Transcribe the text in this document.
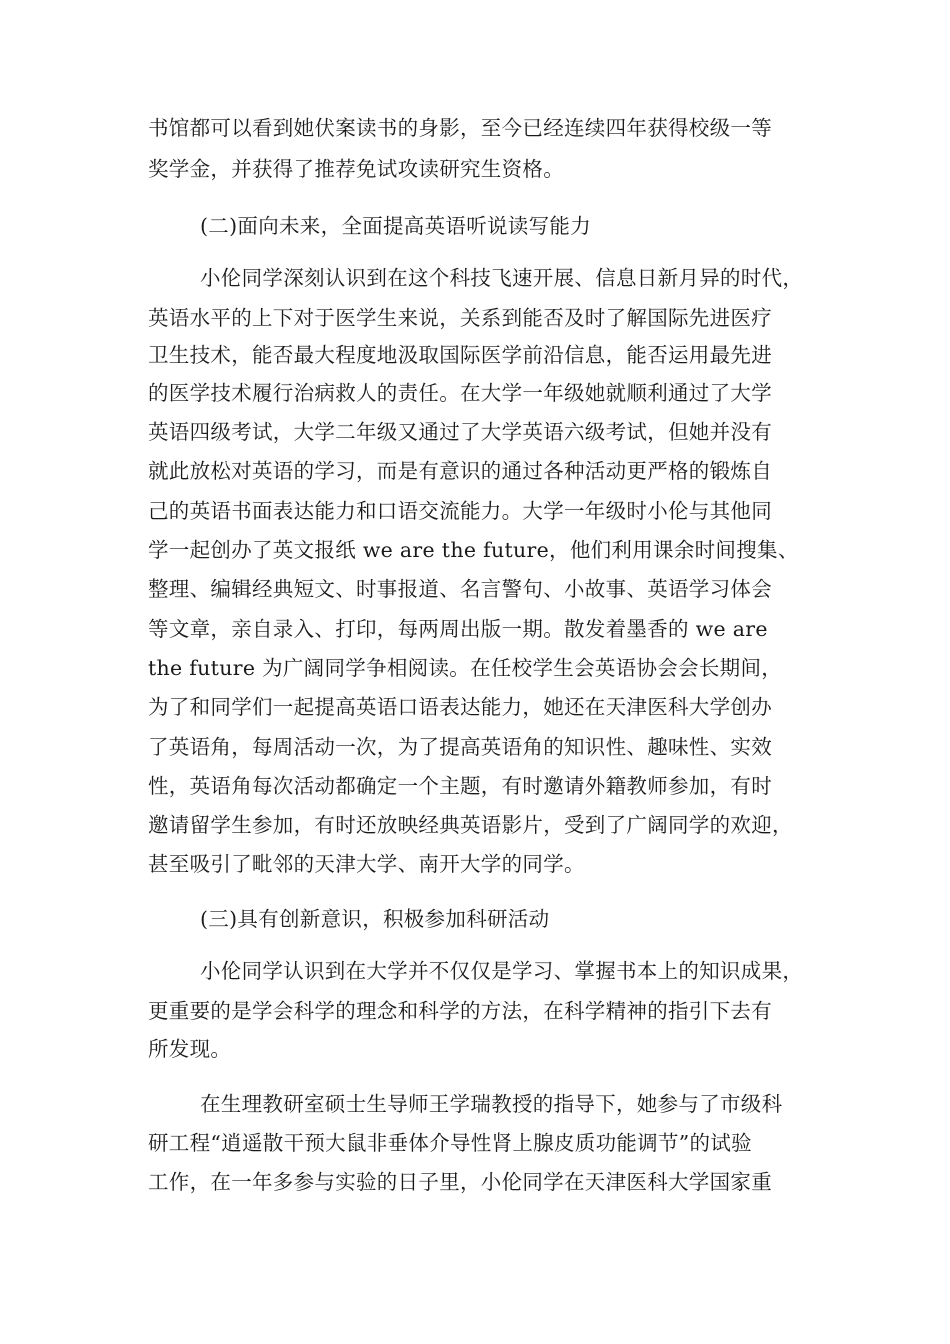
书馆都可以看到她伏案读书的身影，至今已经连续四年获得校级一等
奖学金，并获得了推荐免试攻读研究生资格。
(二)面向未来，全面提高英语听说读写能力
小伦同学深刻认识到在这个科技飞速开展、信息日新月异的时代，
英语水平的上下对于医学生来说，关系到能否及时了解国际先进医疗
卫生技术，能否最大程度地汲取国际医学前沿信息，能否运用最先进
的医学技术履行治病救人的责任。在大学一年级她就顺利通过了大学
英语四级考试，大学二年级又通过了大学英语六级考试，但她并没有
就此放松对英语的学习，而是有意识的通过各种活动更严格的锻炼自
己的英语书面表达能力和口语交流能力。大学一年级时小伦与其他同
学一起创办了英文报纸 we are the future，他们利用课余时间搜集、
整理、编辑经典短文、时事报道、名言警句、小故事、英语学习体会
等文章，亲自录入、打印，每两周出版一期。散发着墨香的 we are
the future 为广阔同学争相阅读。在任校学生会英语协会会长期间，
为了和同学们一起提高英语口语表达能力，她还在天津医科大学创办
了英语角，每周活动一次，为了提高英语角的知识性、趣味性、实效
性，英语角每次活动都确定一个主题，有时邀请外籍教师参加，有时
邀请留学生参加，有时还放映经典英语影片，受到了广阔同学的欢迎，
甚至吸引了毗邻的天津大学、南开大学的同学。
(三)具有创新意识，积极参加科研活动
小伦同学认识到在大学并不仅仅是学习、掌握书本上的知识成果，
更重要的是学会科学的理念和科学的方法，在科学精神的指引下去有
所发现。
在生理教研室硕士生导师王学瑞教授的指导下，她参与了市级科
研工程“逍遥散干预大鼠非垂体介导性肾上腺皮质功能调节”的试验
工作，在一年多参与实验的日子里，小伦同学在天津医科大学国家重
